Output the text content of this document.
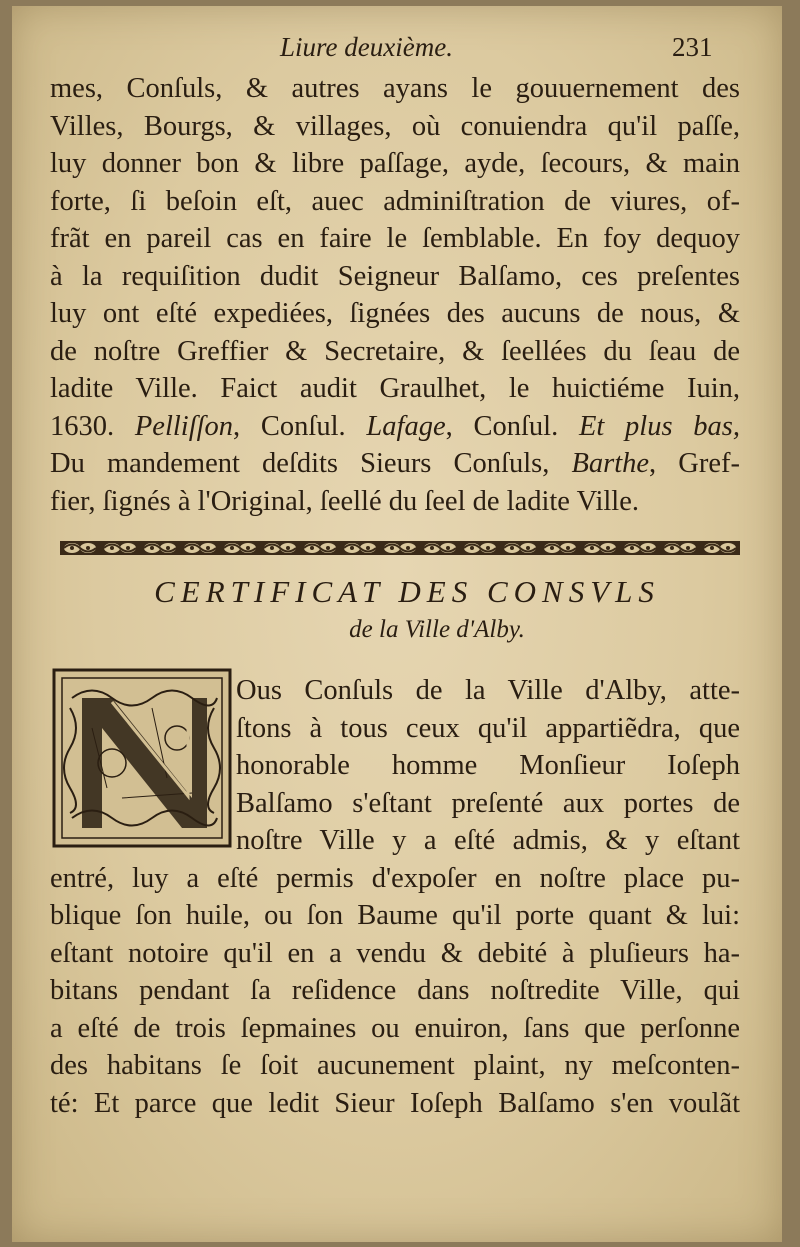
Liure deuxième.	231
mes, Conſuls, & autres ayans le gouuernement des
Villes, Bourgs, & villages, où conuiendra qu'il paſſe,
luy donner bon & libre paſſage, ayde, ſecours, & main
forte, ſi beſoin eſt, auec adminiſtration de viures, of-
frãt en pareil cas en faire le ſemblable. En foy dequoy
à la requiſition dudit Seigneur Balſamo, ces preſentes
luy ont eſté expediées, ſignées des aucuns de nous, &
de noſtre Greffier & Secretaire, & ſeellées du ſeau de
ladite Ville. Faict audit Graulhet, le huictiéme Iuin,
1630. Pelliſſon, Conſul. Lafage, Conſul. Et plus bas,
Du mandement deſdits Sieurs Conſuls, Barthe, Gref-
fier, ſignés à l'Original, ſeellé du ſeel de ladite Ville.
CERTIFICAT DES CONSVLS
de la Ville d'Alby.
Ous Conſuls de la Ville d'Alby, atte-
ſtons à tous ceux qu'il appartiẽdra, que
honorable homme Monſieur Ioſeph
Balſamo s'eſtant preſenté aux portes de
noſtre Ville y a eſté admis, & y eſtant
entré, luy a eſté permis d'expoſer en noſtre place pu-
blique ſon huile, ou ſon Baume qu'il porte quant & lui:
eſtant notoire qu'il en a vendu & debité à pluſieurs ha-
bitans pendant ſa reſidence dans noſtredite Ville, qui
a eſté de trois ſepmaines ou enuiron, ſans que perſonne
des habitans ſe ſoit aucunement plaint, ny meſconten-
té: Et parce que ledit Sieur Ioſeph Balſamo s'en voulãt
